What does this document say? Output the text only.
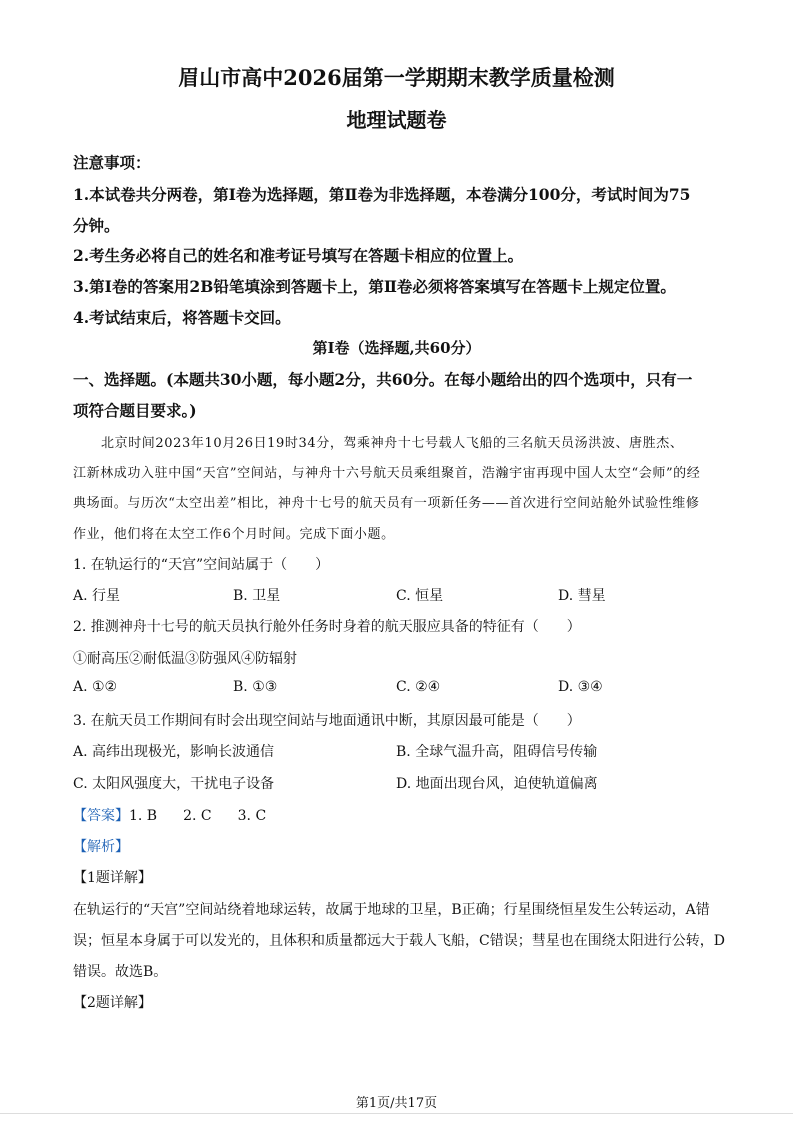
眉山市高中2026届第一学期期末教学质量检测
地理试题卷
注意事项：
1.本试卷共分两卷，第Ⅰ卷为选择题，第Ⅱ卷为非选择题，本卷满分100分，考试时间为75
分钟。
2.考生务必将自己的姓名和准考证号填写在答题卡相应的位置上。
3.第Ⅰ卷的答案用2B铅笔填涂到答题卡上，第Ⅱ卷必须将答案填写在答题卡上规定位置。
4.考试结束后，将答题卡交回。
第Ⅰ卷（选择题,共60分）
一、选择题。(本题共30小题，每小题2分，共60分。在每小题给出的四个选项中，只有一
项符合题目要求。)
北京时间2023年10月26日19时34分，驾乘神舟十七号载人飞船的三名航天员汤洪波、唐胜杰、
江新林成功入驻中国“天宫”空间站，与神舟十六号航天员乘组聚首，浩瀚宇宙再现中国人太空“会师”的经
典场面。与历次“太空出差”相比，神舟十七号的航天员有一项新任务——首次进行空间站舱外试验性维修
作业，他们将在太空工作6个月时间。完成下面小题。
1. 在轨运行的“天宫”空间站属于（　　）
A. 行星	B. 卫星	C. 恒星	D. 彗星
2. 推测神舟十七号的航天员执行舱外任务时身着的航天服应具备的特征有（　　）
①耐高压②耐低温③防强风④防辐射
A. ①②	B. ①③	C. ②④	D. ③④
3. 在航天员工作期间有时会出现空间站与地面通讯中断，其原因最可能是（　　）
A. 高纬出现极光，影响长波通信	B. 全球气温升高，阻碍信号传输
C. 太阳风强度大，干扰电子设备	D. 地面出现台风，迫使轨道偏离
【答案】1. B 2. C 3. C
【解析】
【1题详解】
在轨运行的“天宫”空间站绕着地球运转，故属于地球的卫星，B正确；行星围绕恒星发生公转运动，A错
误；恒星本身属于可以发光的，且体积和质量都远大于载人飞船，C错误；彗星也在围绕太阳进行公转，D
错误。故选B。
【2题详解】
第1页/共17页
